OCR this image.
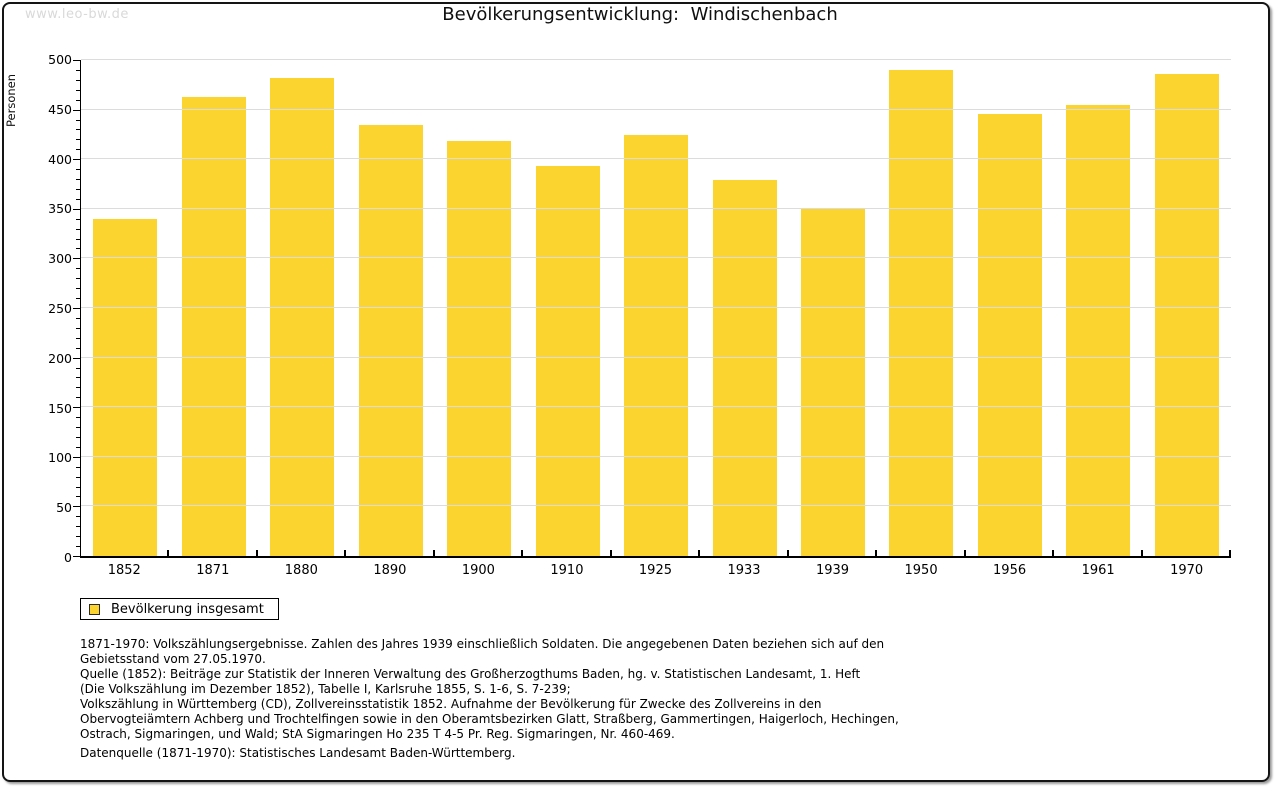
www.leo-bw.de	Bevölkerungsentwicklung:  Windischenbach
Personen
0
50
100
150
200
250
300
350
400
450
500
1852	1871	1880	1890	1900	1910	1925	1933	1939	1950	1956	1961	1970
Bevölkerung insgesamt
1871-1970: Volkszählungsergebnisse. Zahlen des Jahres 1939 einschließlich Soldaten. Die angegebenen Daten beziehen sich auf den
Gebietsstand vom 27.05.1970.
Quelle (1852): Beiträge zur Statistik der Inneren Verwaltung des Großherzogthums Baden, hg. v. Statistischen Landesamt, 1. Heft
(Die Volkszählung im Dezember 1852), Tabelle I, Karlsruhe 1855, S. 1-6, S. 7-239;
Volkszählung in Württemberg (CD), Zollvereinsstatistik 1852. Aufnahme der Bevölkerung für Zwecke des Zollvereins in den
Obervogteiämtern Achberg und Trochtelfingen sowie in den Oberamtsbezirken Glatt, Straßberg, Gammertingen, Haigerloch, Hechingen,
Ostrach, Sigmaringen, und Wald; StA Sigmaringen Ho 235 T 4-5 Pr. Reg. Sigmaringen, Nr. 460-469.
Datenquelle (1871-1970): Statistisches Landesamt Baden-Württemberg.
